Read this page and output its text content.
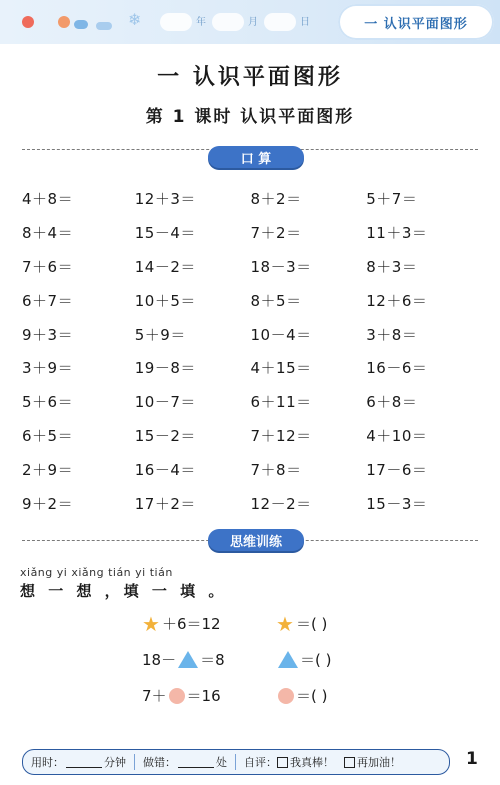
❄	年	月	日	一 认识平面图形
一 认识平面图形
第 1 课时 认识平面图形
口 算
4＋8＝	12＋3＝	8＋2＝	5＋7＝
8＋4＝	15－4＝	7＋2＝	11＋3＝
7＋6＝	14－2＝	18－3＝	8＋3＝
6＋7＝	10＋5＝	8＋5＝	12＋6＝
9＋3＝	5＋9＝	10－4＝	3＋8＝
3＋9＝	19－8＝	4＋15＝	16－6＝
5＋6＝	10－7＝	6＋11＝	6＋8＝
6＋5＝	15－2＝	7＋12＝	4＋10＝
2＋9＝	16－4＝	7＋8＝	17－6＝
9＋2＝	17＋2＝	12－2＝	15－3＝
思维训练
xiǎng yi xiǎng tián yi tián
想 一 想 ，填 一 填 。
★ ＋6＝12	★ ＝( )
18－ ＝8	＝( )
7＋ ＝16	＝( )
用时：	分钟 做错：	处 自评： 我真棒！ 再加油！	1
